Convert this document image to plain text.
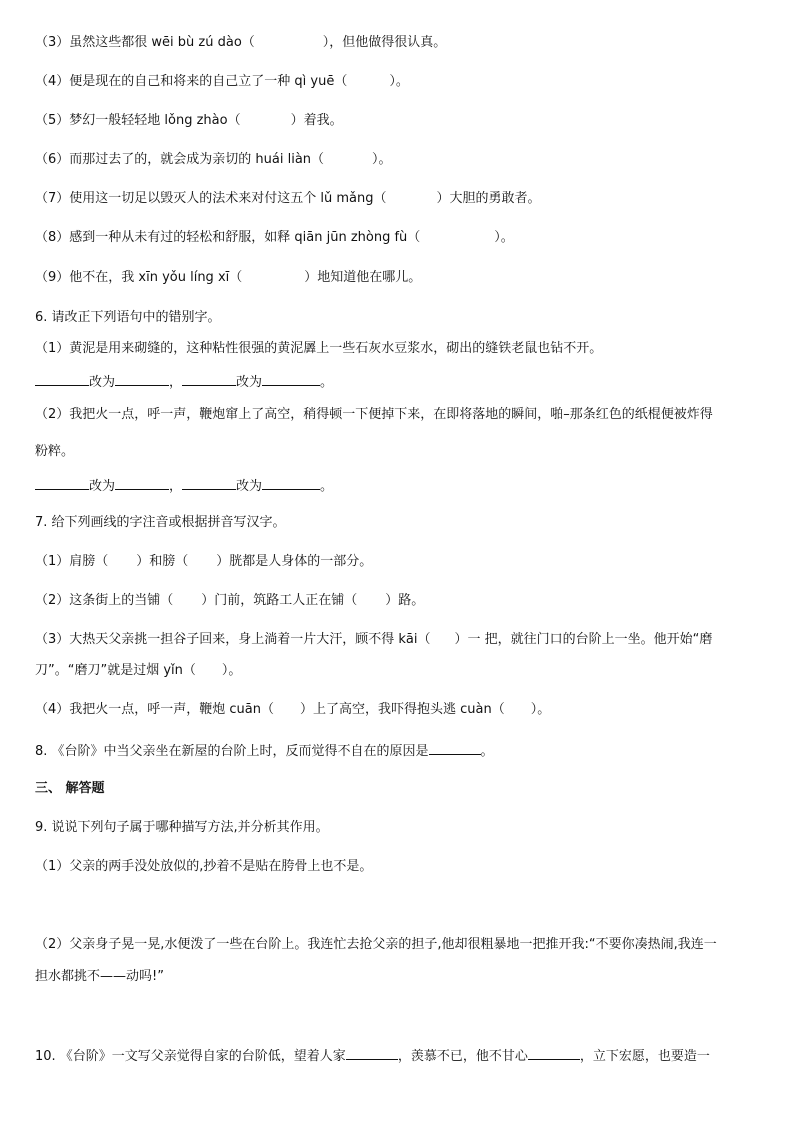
（3）虽然这些都很 wēi bù zú dào（	），但他做得很认真。
（4）便是现在的自己和将来的自己立了一种 qì yuē（	）。
（5）梦幻一般轻轻地 lǒng zhào（	）着我。
（6）而那过去了的，就会成为亲切的 huái liàn（	）。
（7）使用这一切足以毁灭人的法术来对付这五个 lǔ mǎng（	）大胆的勇敢者。
（8）感到一种从未有过的轻松和舒服，如释 qiān jūn zhòng fù（	）。
（9）他不在，我 xīn yǒu líng xī（	）地知道他在哪儿。
6. 请改正下列语句中的错别字。
（1）黄泥是用来砌缝的，这种粘性很强的黄泥羼上一些石灰水豆浆水，砌出的缝铁老鼠也钻不开。
改为	，	改为	。
（2）我把火一点，呼一声，鞭炮窜上了高空，稍得顿一下便掉下来，在即将落地的瞬间，啪–那条红色的纸棍便被炸得
粉粹。
改为	，	改为	。
7. 给下列画线的字注音或根据拼音写汉字。
（1）肩膀（ ）和膀（ ）胱都是人身体的一部分。
（2）这条街上的当铺（ ）门前，筑路工人正在铺（ ）路。
（3）大热天父亲挑一担谷子回来，身上淌着一片大汗，顾不得 kāi（ ）一 把，就往门口的台阶上一坐。他开始“磨
刀”。“磨刀”就是过烟 yǐn（ ）。
（4）我把火一点，呼一声，鞭炮 cuān（ ）上了高空，我吓得抱头逃 cuàn（ ）。
8. 《台阶》中当父亲坐在新屋的台阶上时，反而觉得不自在的原因是	。
三、 解答题
9. 说说下列句子属于哪种描写方法,并分析其作用。
（1）父亲的两手没处放似的,抄着不是贴在胯骨上也不是。
（2）父亲身子晃一晃,水便泼了一些在台阶上。我连忙去抢父亲的担子,他却很粗暴地一把推开我:“不要你凑热闹,我连一
担水都挑不——动吗!”
10. 《台阶》一文写父亲觉得自家的台阶低，望着人家	，羡慕不已，他不甘心	，立下宏愿，也要造一
